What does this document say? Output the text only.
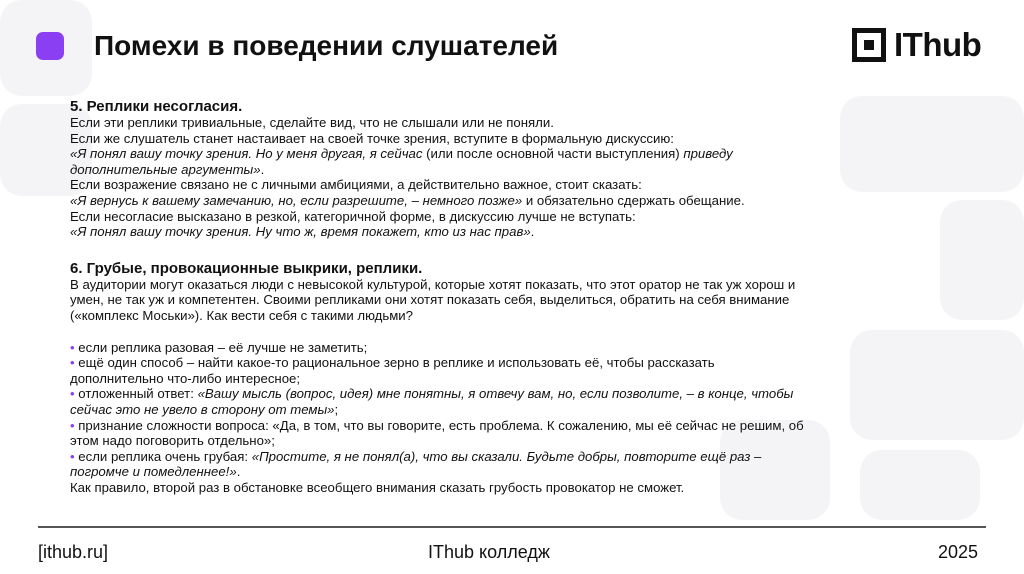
Помехи в поведении слушателей	IThub

5. Реплики несогласия.

Если эти реплики тривиальные, сделайте вид, что не слышали или не поняли.

Если же слушатель станет настаивает на своей точке зрения, вступите в формальную дискуссию:

«Я понял вашу точку зрения. Но у меня другая, я сейчас (или после основной части выступления) приведу

дополнительные аргументы».

Если возражение связано не с личными амбициями, а действительно важное, стоит сказать:

«Я вернусь к вашему замечанию, но, если разрешите, – немного позже» и обязательно сдержать обещание.

Если несогласие высказано в резкой, категоричной форме, в дискуссию лучше не вступать:

«Я понял вашу точку зрения. Ну что ж, время покажет, кто из нас прав».

6. Грубые, провокационные выкрики, реплики.

В аудитории могут оказаться люди с невысокой культурой, которые хотят показать, что этот оратор не так уж хорош и

умен, не так уж и компетентен. Своими репликами они хотят показать себя, выделиться, обратить на себя внимание

(«комплекс Моськи»). Как вести себя с такими людьми?

• если реплика разовая – её лучше не заметить;

• ещё один способ – найти какое-то рациональное зерно в реплике и использовать её, чтобы рассказать

дополнительно что-либо интересное;

• отложенный ответ: «Вашу мысль (вопрос, идея) мне понятны, я отвечу вам, но, если позволите, – в конце, чтобы

сейчас это не увело в сторону от темы»;

• признание сложности вопроса: «Да, в том, что вы говорите, есть проблема. К сожалению, мы её сейчас не решим, об

этом надо поговорить отдельно»;

• если реплика очень грубая: «Простите, я не понял(а), что вы сказали. Будьте добры, повторите ещё раз –

погромче и помедленнее!».

Как правило, второй раз в обстановке всеобщего внимания сказать грубость провокатор не сможет.

[ithub.ru]	IThub колледж	2025
